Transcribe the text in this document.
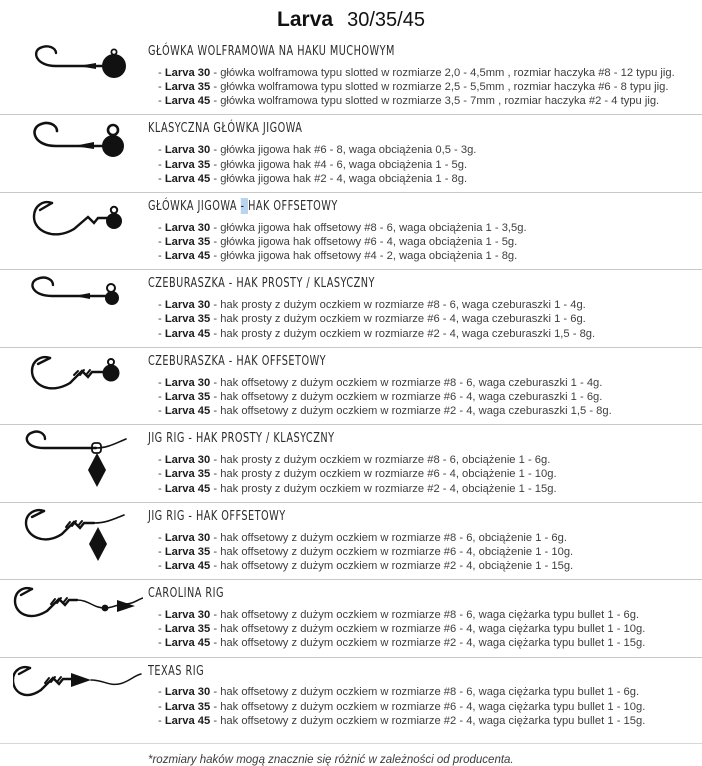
Larva 30/35/45
GŁÓWKA WOLFRAMOWA NA HAKU MUCHOWYM
- Larva 30 - główka wolframowa typu slotted w rozmiarze 2,0 - 4,5mm , rozmiar haczyka #8 - 12 typu jig.
- Larva 35 - główka wolframowa typu slotted w rozmiarze 2,5 - 5,5mm , rozmiar haczyka #6 - 8 typu jig.
- Larva 45 - główka wolframowa typu slotted w rozmiarze 3,5 - 7mm , rozmiar haczyka #2 - 4 typu jig.
KLASYCZNA GŁÓWKA JIGOWA
- Larva 30 - główka jigowa hak #6 - 8, waga obciążenia 0,5 - 3g.
- Larva 35 - główka jigowa hak #4 - 6, waga obciążenia 1 - 5g.
- Larva 45 - główka jigowa hak #2 - 4, waga obciążenia 1 - 8g.
GŁÓWKA JIGOWA - HAK OFFSETOWY
- Larva 30 - główka jigowa hak offsetowy #8 - 6, waga obciążenia 1 - 3,5g.
- Larva 35 - główka jigowa hak offsetowy #6 - 4, waga obciążenia 1 - 5g.
- Larva 45 - główka jigowa hak offsetowy #4 - 2, waga obciążenia 1 - 8g.
CZEBURASZKA - HAK PROSTY / KLASYCZNY
- Larva 30 - hak prosty z dużym oczkiem w rozmiarze #8 - 6, waga czeburaszki 1 - 4g.
- Larva 35 - hak prosty z dużym oczkiem w rozmiarze #6 - 4, waga czeburaszki 1 - 6g.
- Larva 45 - hak prosty z dużym oczkiem w rozmiarze #2 - 4, waga czeburaszki 1,5 - 8g.
CZEBURASZKA - HAK OFFSETOWY
- Larva 30 - hak offsetowy z dużym oczkiem w rozmiarze #8 - 6, waga czeburaszki 1 - 4g.
- Larva 35 - hak offsetowy z dużym oczkiem w rozmiarze #6 - 4, waga czeburaszki 1 - 6g.
- Larva 45 - hak offsetowy z dużym oczkiem w rozmiarze #2 - 4, waga czeburaszki 1,5 - 8g.
JIG RIG - HAK PROSTY / KLASYCZNY
- Larva 30 - hak prosty z dużym oczkiem w rozmiarze #8 - 6, obciążenie 1 - 6g.
- Larva 35 - hak prosty z dużym oczkiem w rozmiarze #6 - 4, obciążenie 1 - 10g.
- Larva 45 - hak prosty z dużym oczkiem w rozmiarze #2 - 4, obciążenie 1 - 15g.
JIG RIG - HAK OFFSETOWY
- Larva 30 - hak offsetowy z dużym oczkiem w rozmiarze #8 - 6, obciążenie 1 - 6g.
- Larva 35 - hak offsetowy z dużym oczkiem w rozmiarze #6 - 4, obciążenie 1 - 10g.
- Larva 45 - hak offsetowy z dużym oczkiem w rozmiarze #2 - 4, obciążenie 1 - 15g.
CAROLINA RIG
- Larva 30 - hak offsetowy z dużym oczkiem w rozmiarze #8 - 6, waga ciężarka typu bullet 1 - 6g.
- Larva 35 - hak offsetowy z dużym oczkiem w rozmiarze #6 - 4, waga ciężarka typu bullet 1 - 10g.
- Larva 45 - hak offsetowy z dużym oczkiem w rozmiarze #2 - 4, waga ciężarka typu bullet 1 - 15g.
TEXAS RIG
- Larva 30 - hak offsetowy z dużym oczkiem w rozmiarze #8 - 6, waga ciężarka typu bullet 1 - 6g.
- Larva 35 - hak offsetowy z dużym oczkiem w rozmiarze #6 - 4, waga ciężarka typu bullet 1 - 10g.
- Larva 45 - hak offsetowy z dużym oczkiem w rozmiarze #2 - 4, waga ciężarka typu bullet 1 - 15g.
*rozmiary haków mogą znacznie się różnić w zależności od producenta.
